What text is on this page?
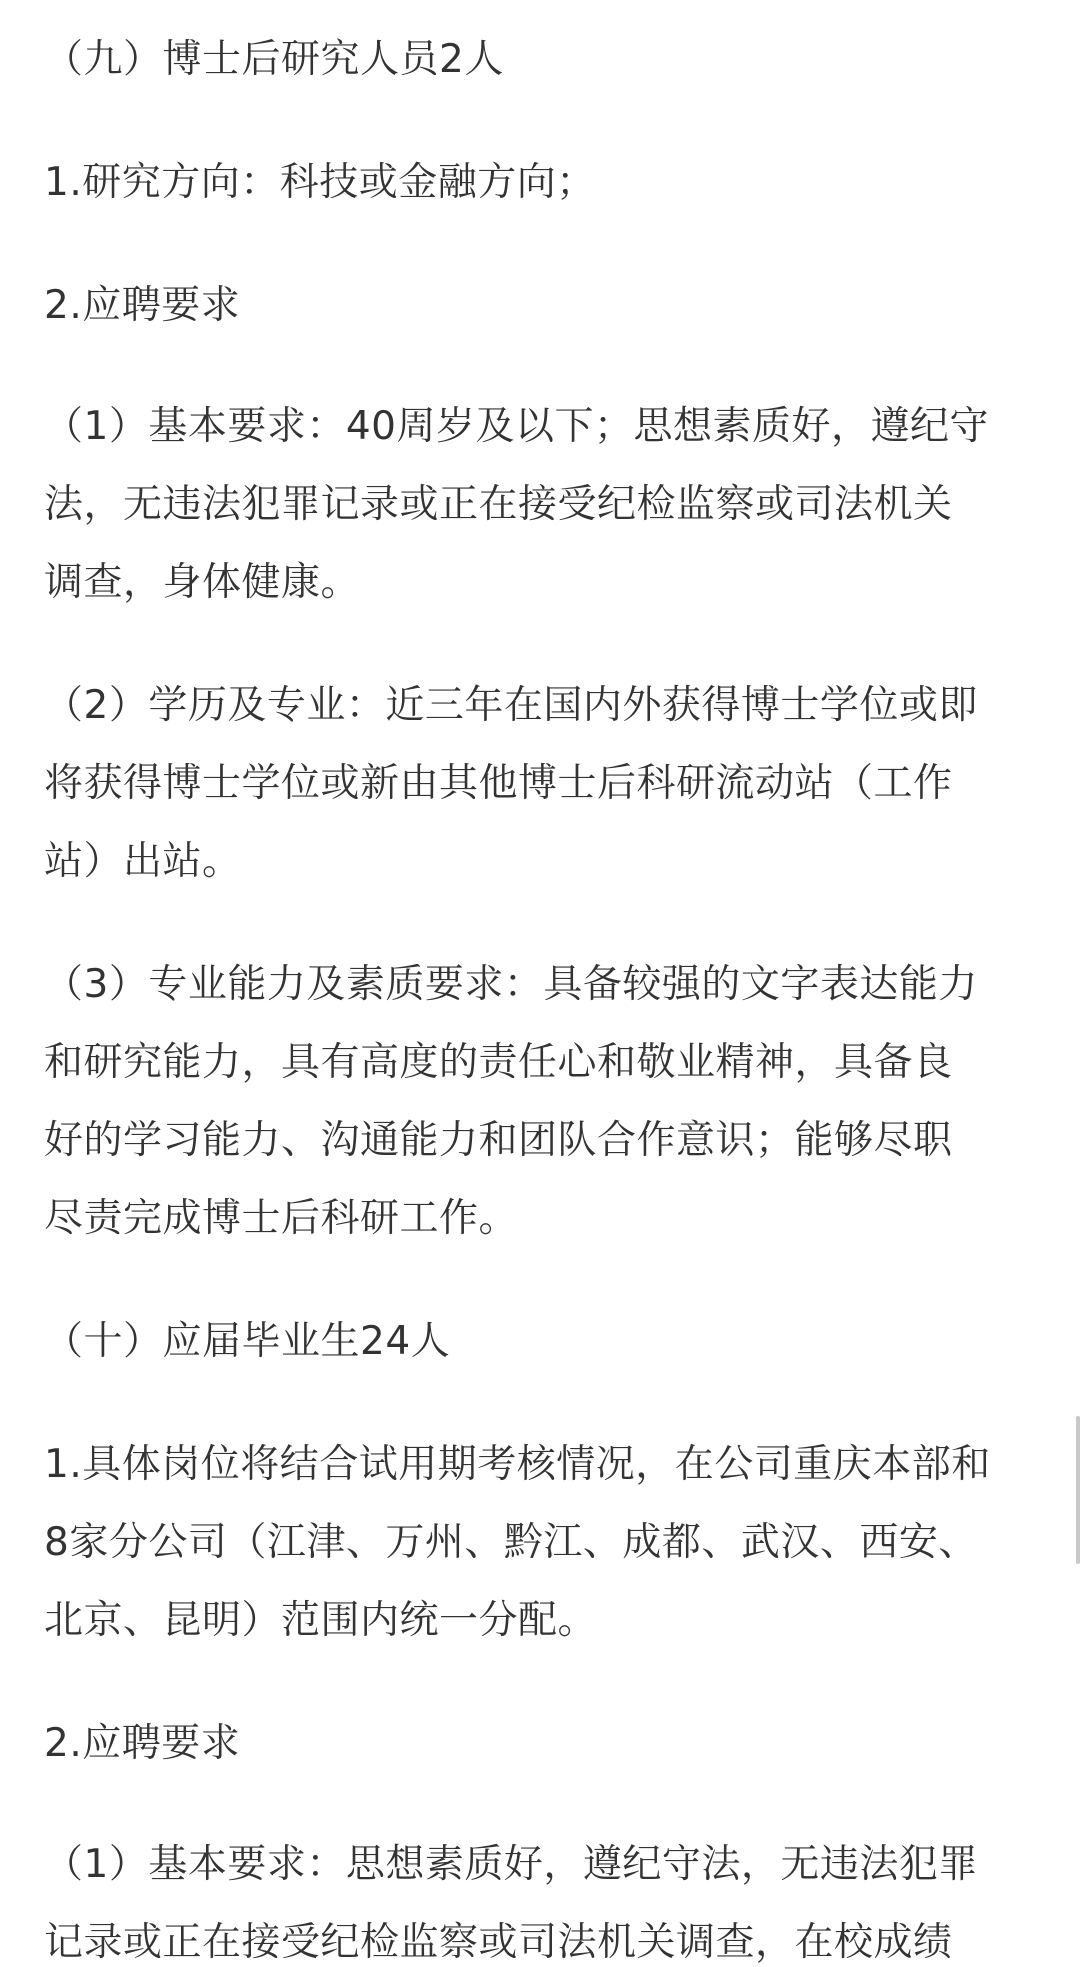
（九）博士后研究人员2人

1.研究方向：科技或金融方向；

2.应聘要求

（1）基本要求：40周岁及以下；思想素质好，遵纪守

法，无违法犯罪记录或正在接受纪检监察或司法机关

调查，身体健康。

（2）学历及专业：近三年在国内外获得博士学位或即

将获得博士学位或新由其他博士后科研流动站（工作

站）出站。

（3）专业能力及素质要求：具备较强的文字表达能力

和研究能力，具有高度的责任心和敬业精神，具备良

好的学习能力、沟通能力和团队合作意识；能够尽职

尽责完成博士后科研工作。

（十）应届毕业生24人

1.具体岗位将结合试用期考核情况，在公司重庆本部和

8家分公司（江津、万州、黔江、成都、武汉、西安、

北京、昆明）范围内统一分配。

2.应聘要求

（1）基本要求：思想素质好，遵纪守法，无违法犯罪

记录或正在接受纪检监察或司法机关调查，在校成绩
